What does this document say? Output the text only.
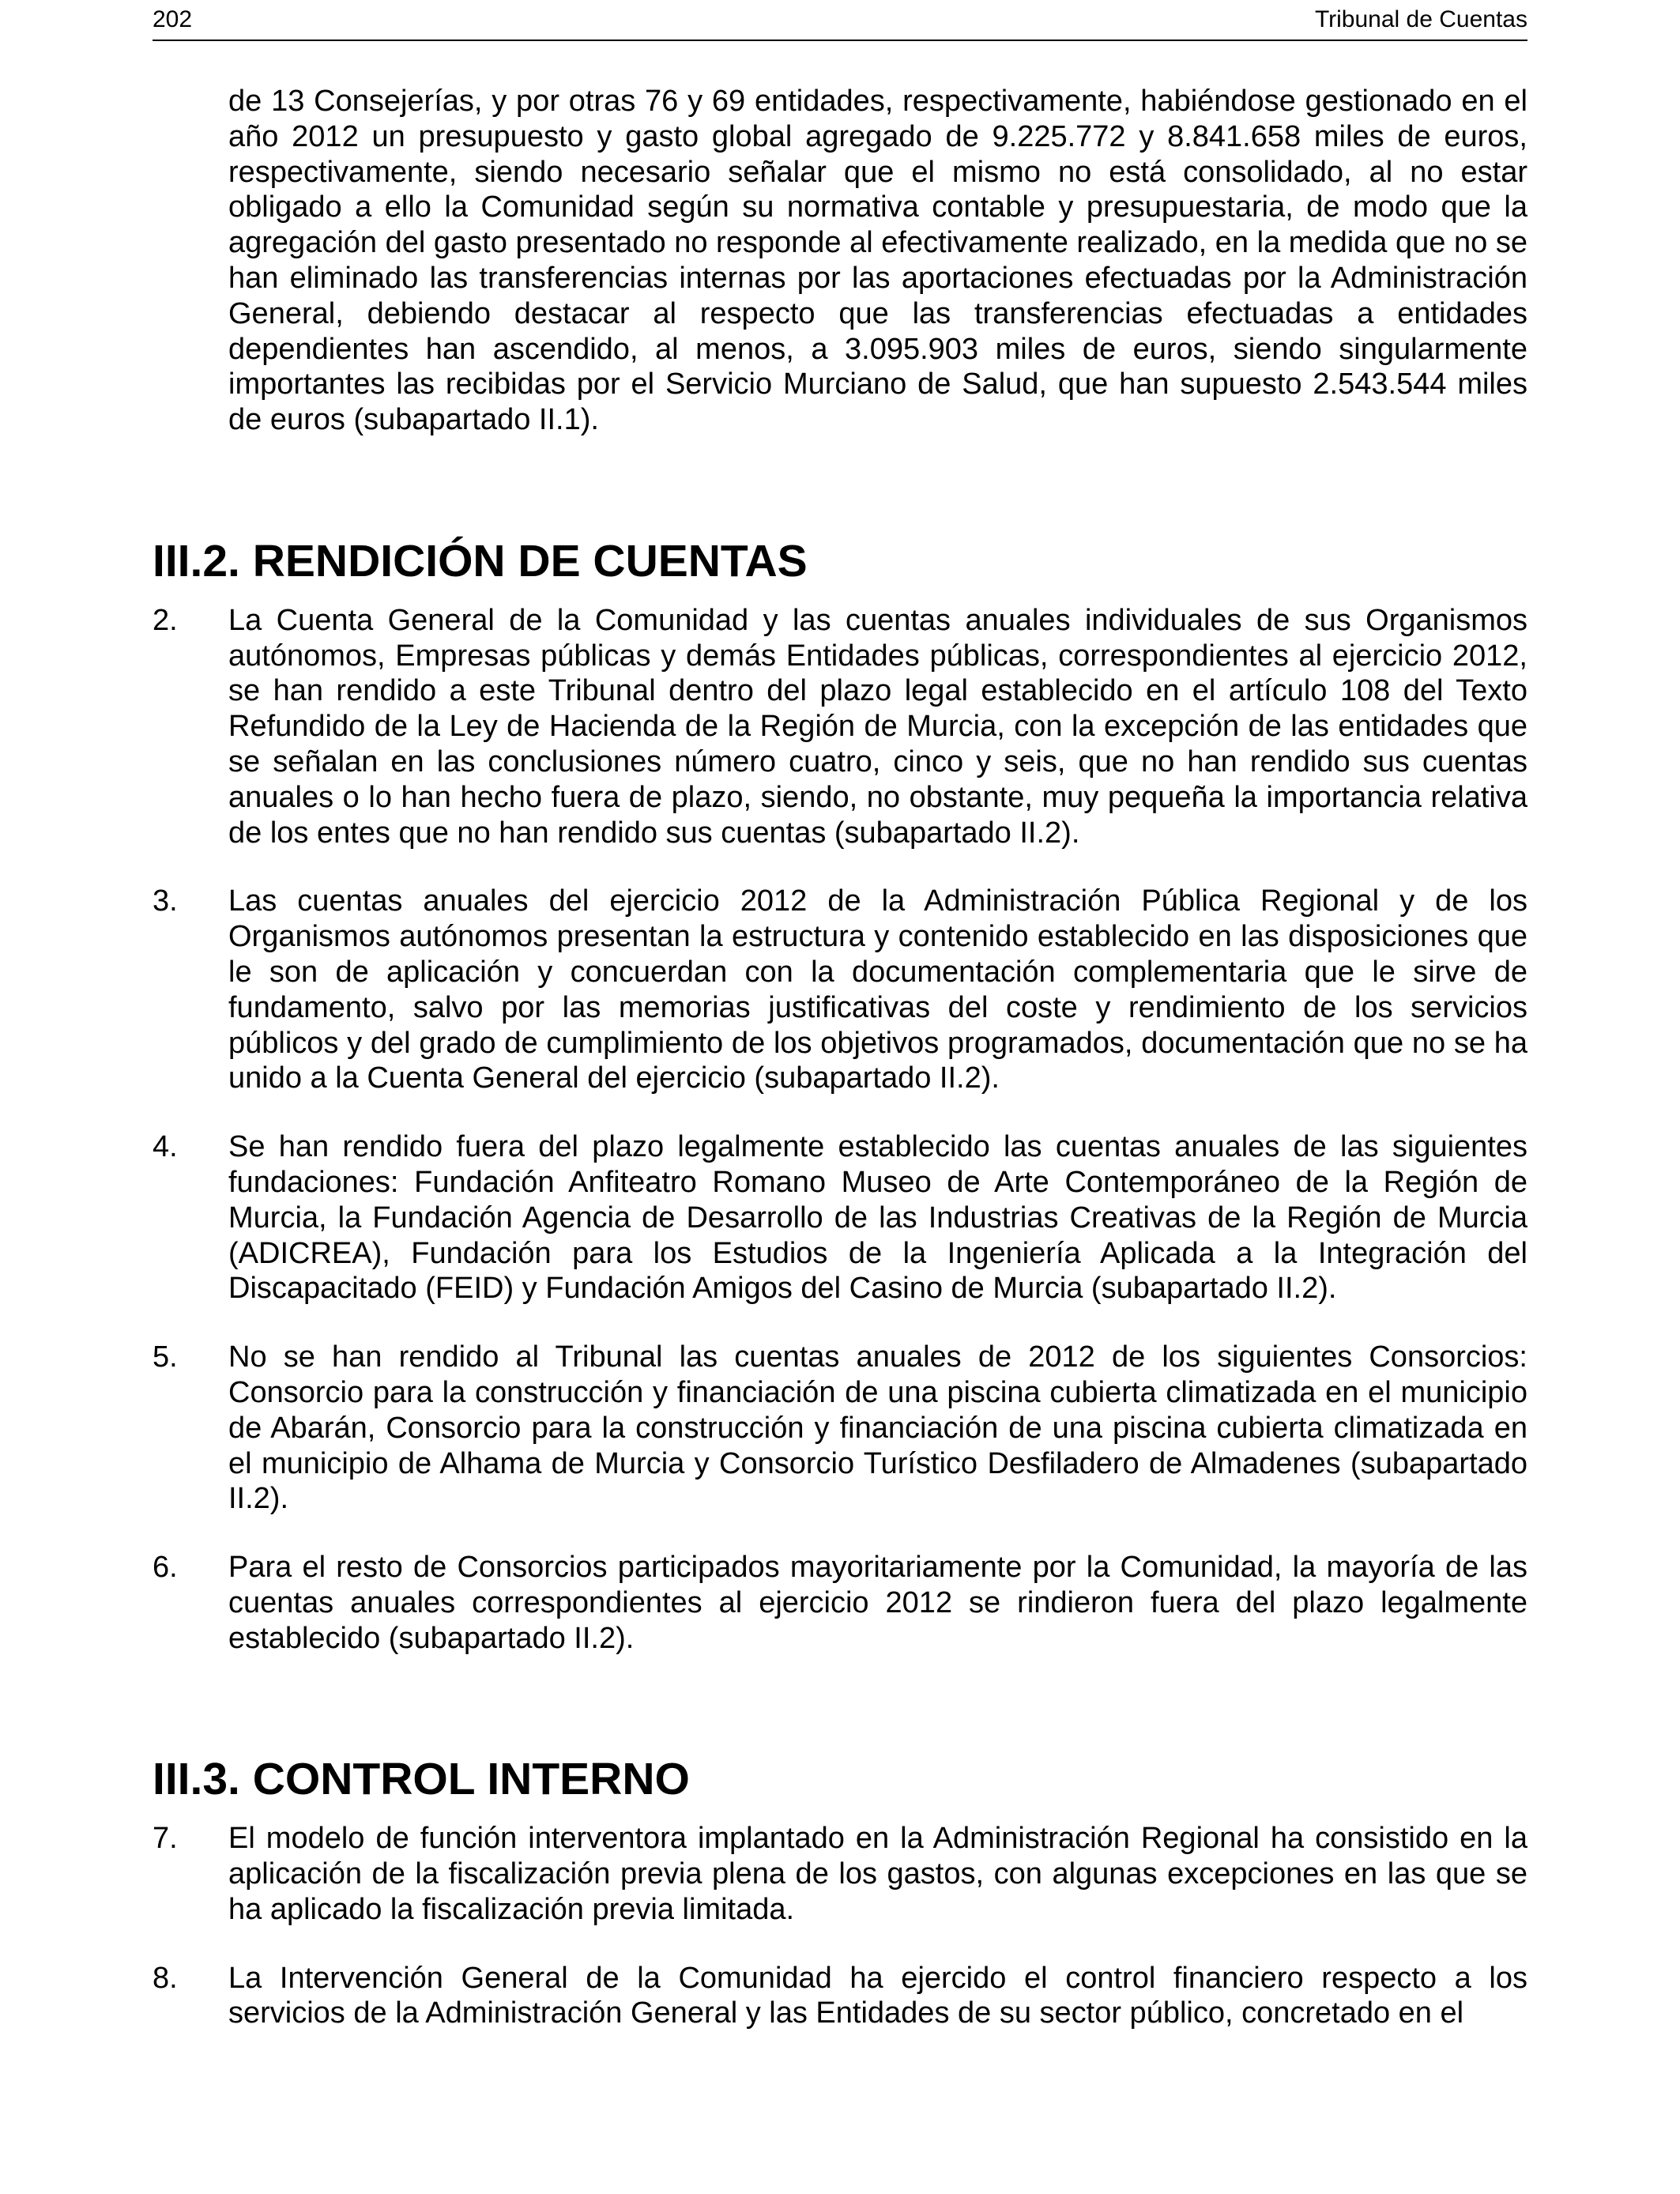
202	Tribunal de Cuentas

de 13 Consejerías, y por otras 76 y 69 entidades, respectivamente, habiéndose gestionado en el año 2012 un presupuesto y gasto global agregado de 9.225.772 y 8.841.658 miles de euros, respectivamente, siendo necesario señalar que el mismo no está consolidado, al no estar obligado a ello la Comunidad según su normativa contable y presupuestaria, de modo que la agregación del gasto presentado no responde al efectivamente realizado, en la medida que no se han eliminado las transferencias internas por las aportaciones efectuadas por la Administración General, debiendo destacar al respecto que las transferencias efectuadas a entidades dependientes han ascendido, al menos, a 3.095.903 miles de euros, siendo singularmente importantes las recibidas por el Servicio Murciano de Salud, que han supuesto 2.543.544 miles de euros (subapartado II.1).

III.2. RENDICIÓN DE CUENTAS
2.	La Cuenta General de la Comunidad y las cuentas anuales individuales de sus Organismos autónomos, Empresas públicas y demás Entidades públicas, correspondientes al ejercicio 2012, se han rendido a este Tribunal dentro del plazo legal establecido en el artículo 108 del Texto Refundido de la Ley de Hacienda de la Región de Murcia, con la excepción de las entidades que se señalan en las conclusiones número cuatro, cinco y seis, que no han rendido sus cuentas anuales o lo han hecho fuera de plazo, siendo, no obstante, muy pequeña la importancia relativa de los entes que no han rendido sus cuentas (subapartado II.2).
3.	Las cuentas anuales del ejercicio 2012 de la Administración Pública Regional y de los Organismos autónomos presentan la estructura y contenido establecido en las disposiciones que le son de aplicación y concuerdan con la documentación complementaria que le sirve de fundamento, salvo por las memorias justificativas del coste y rendimiento de los servicios públicos y del grado de cumplimiento de los objetivos programados, documentación que no se ha unido a la Cuenta General del ejercicio (subapartado II.2).
4.	Se han rendido fuera del plazo legalmente establecido las cuentas anuales de las siguientes fundaciones: Fundación Anfiteatro Romano Museo de Arte Contemporáneo de la Región de Murcia, la Fundación Agencia de Desarrollo de las Industrias Creativas de la Región de Murcia (ADICREA), Fundación para los Estudios de la Ingeniería Aplicada a la Integración del Discapacitado (FEID) y Fundación Amigos del Casino de Murcia (subapartado II.2).
5.	No se han rendido al Tribunal las cuentas anuales de 2012 de los siguientes Consorcios: Consorcio para la construcción y financiación de una piscina cubierta climatizada en el municipio de Abarán, Consorcio para la construcción y financiación de una piscina cubierta climatizada en el municipio de Alhama de Murcia y Consorcio Turístico Desfiladero de Almadenes (subapartado II.2).
6.	Para el resto de Consorcios participados mayoritariamente por la Comunidad, la mayoría de las cuentas anuales correspondientes al ejercicio 2012 se rindieron fuera del plazo legalmente establecido (subapartado II.2).
III.3. CONTROL INTERNO
7.	El modelo de función interventora implantado en la Administración Regional ha consistido en la aplicación de la fiscalización previa plena de los gastos, con algunas excepciones en las que se ha aplicado la fiscalización previa limitada.
8.	La Intervención General de la Comunidad ha ejercido el control financiero respecto a los servicios de la Administración General y las Entidades de su sector público, concretado en el
